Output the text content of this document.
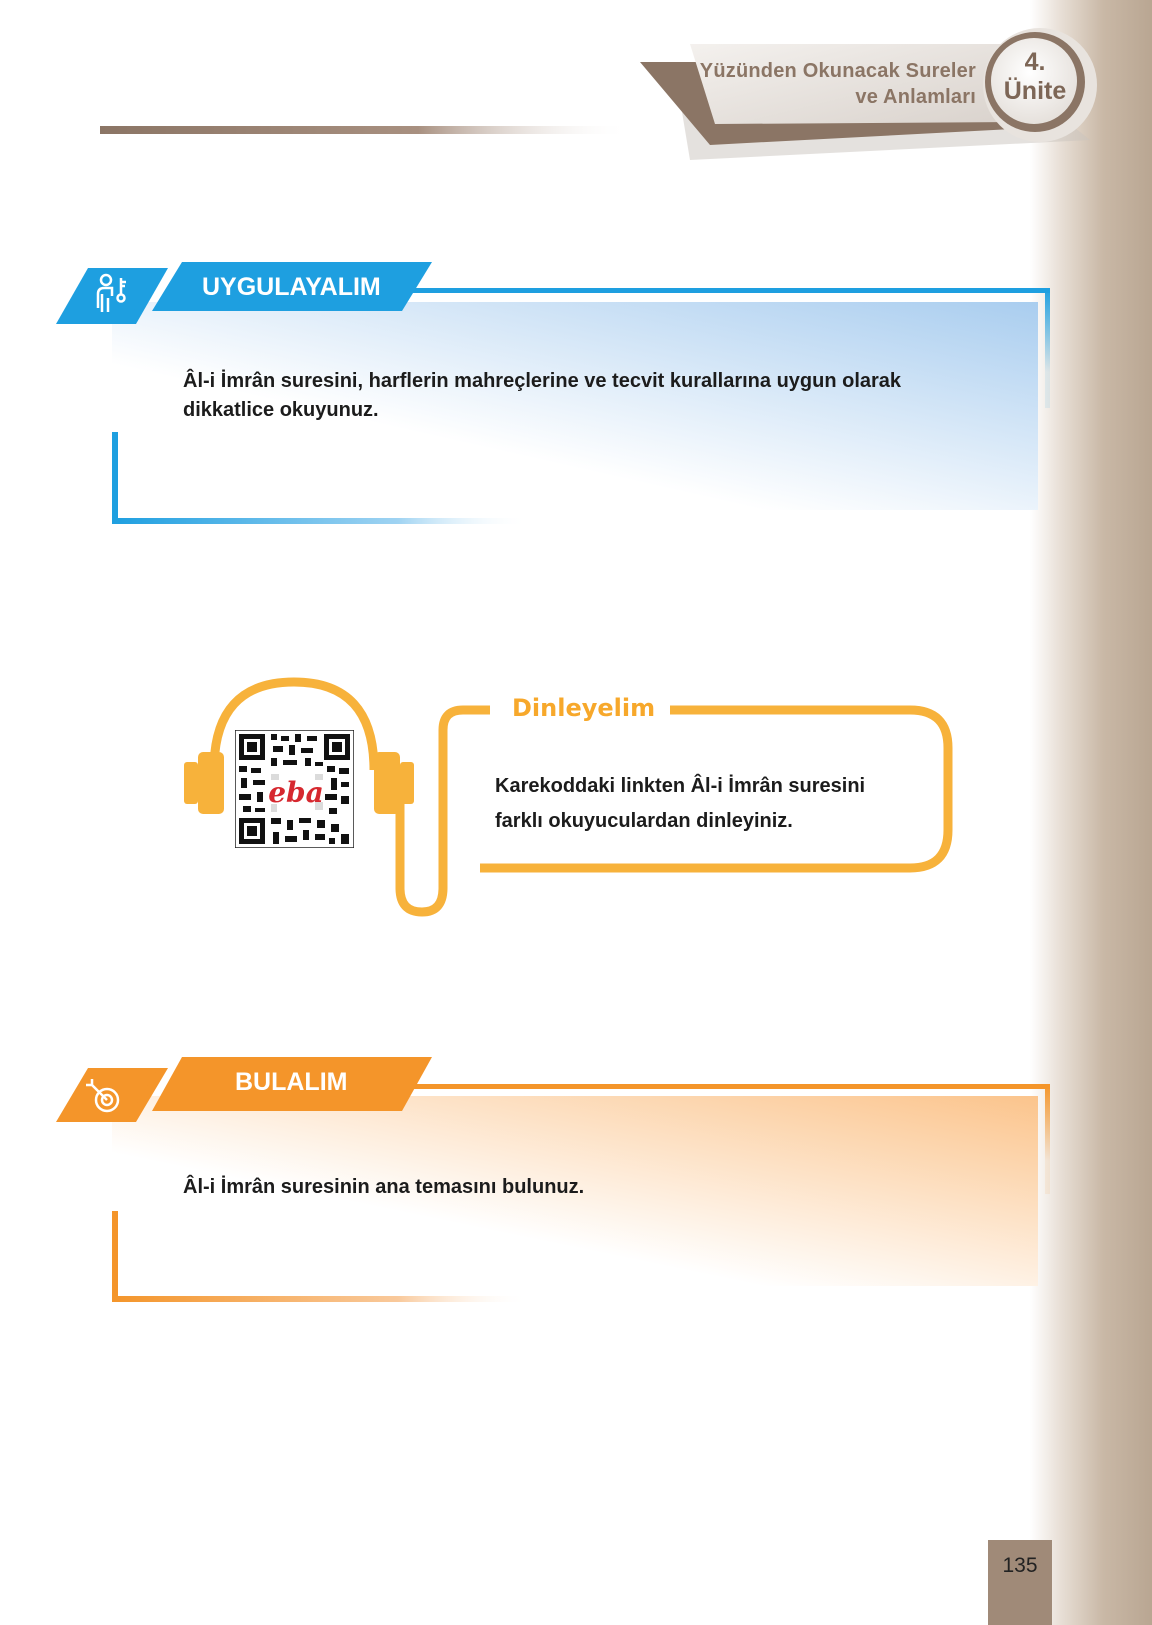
Yüzünden Okunacak Sureler
ve Anlamları
4.
Ünite
UYGULAYALIM
Âl-i İmrân suresini, harflerin mahreçlerine ve tecvit kurallarına uygun olarak
dikkatlice okuyunuz.
eba
Dinleyelim
Karekoddaki linkten Âl-i İmrân suresini
farklı okuyuculardan dinleyiniz.
BULALIM
Âl-i İmrân suresinin ana temasını bulunuz.
135
